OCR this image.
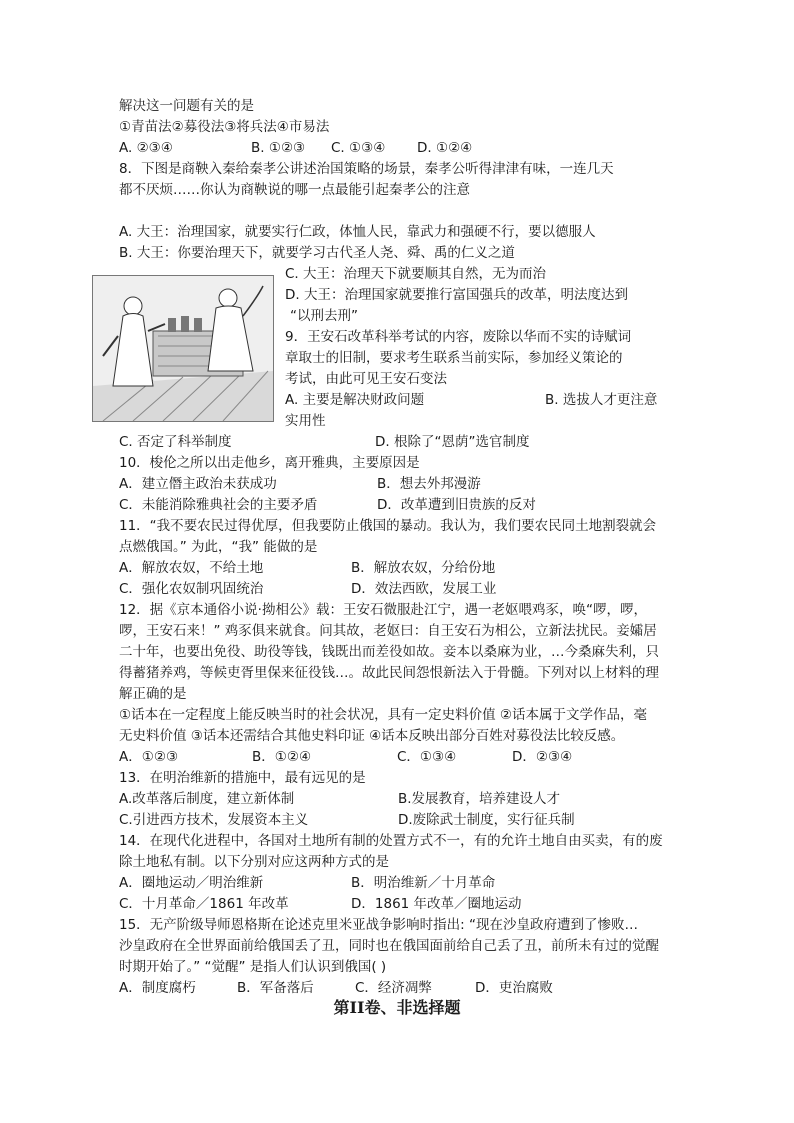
解决这一问题有关的是
①青苗法②募役法③将兵法④市易法
A. ②③④	B. ①②③ C. ①③④ D. ①②④
8．下图是商鞅入秦给秦孝公讲述治国策略的场景，秦孝公听得津津有味，一连几天
都不厌烦……你认为商鞅说的哪一点最能引起秦孝公的注意
A. 大王：治理国家，就要实行仁政，体恤人民，靠武力和强硬不行，要以德服人
B. 大王：你要治理天下，就要学习古代圣人尧、舜、禹的仁义之道
C. 大王：治理天下就要顺其自然，无为而治
D. 大王：治理国家就要推行富国强兵的改革，明法度达到
“以刑去刑”
9．王安石改革科举考试的内容，废除以华而不实的诗赋词
章取士的旧制，要求考生联系当前实际，参加经义策论的
考试，由此可见王安石变法
A. 主要是解决财政问题	B. 选拔人才更注意
实用性
C. 否定了科举制度	D. 根除了“恩荫”选官制度
10．梭伦之所以出走他乡，离开雅典，主要原因是
A．建立僭主政治未获成功	B．想去外邦漫游
C．未能消除雅典社会的主要矛盾	D．改革遭到旧贵族的反对
11．“我不要农民过得优厚，但我要防止俄国的暴动。我认为，我们要农民同土地割裂就会
点燃俄国。” 为此，“我” 能做的是
A．解放农奴，不给土地	B．解放农奴，分给份地
C．强化农奴制巩固统治	D．效法西欧，发展工业
12．据《京本通俗小说·拗相公》载：王安石微服赴江宁，遇一老妪喂鸡豕，唤“啰，啰，
啰，王安石来！” 鸡豕俱来就食。问其故，老妪曰：自王安石为相公，立新法扰民。妾孀居
二十年，也要出免役、助役等钱，钱既出而差役如故。妾本以桑麻为业，…今桑麻失利，只
得蓄猪养鸡，等候吏胥里保来征役钱…。故此民间怨恨新法入于骨髓。下列对以上材料的理
解正确的是
①话本在一定程度上能反映当时的社会状况，具有一定史料价值 ②话本属于文学作品，毫
无史料价值 ③话本还需结合其他史料印证 ④话本反映出部分百姓对募役法比较反感。
A．①②③	B．①②④	C．①③④	D．②③④
13．在明治维新的措施中，最有远见的是
A.改革落后制度，建立新体制	B.发展教育，培养建设人才
C.引进西方技术，发展资本主义	D.废除武士制度，实行征兵制
14．在现代化进程中，各国对土地所有制的处置方式不一，有的允许土地自由买卖，有的废
除土地私有制。以下分别对应这两种方式的是
A．圈地运动／明治维新	B．明治维新／十月革命
C．十月革命／1861 年改革	D．1861 年改革／圈地运动
15．无产阶级导师恩格斯在论述克里米亚战争影响时指出: “现在沙皇政府遭到了惨败…
沙皇政府在全世界面前给俄国丢了丑，同时也在俄国面前给自己丢了丑，前所未有过的觉醒
时期开始了。” “觉醒” 是指人们认识到俄国( )
A．制度腐朽	B．军备落后	C．经济凋弊	D．吏治腐败
第II卷、非选择题
